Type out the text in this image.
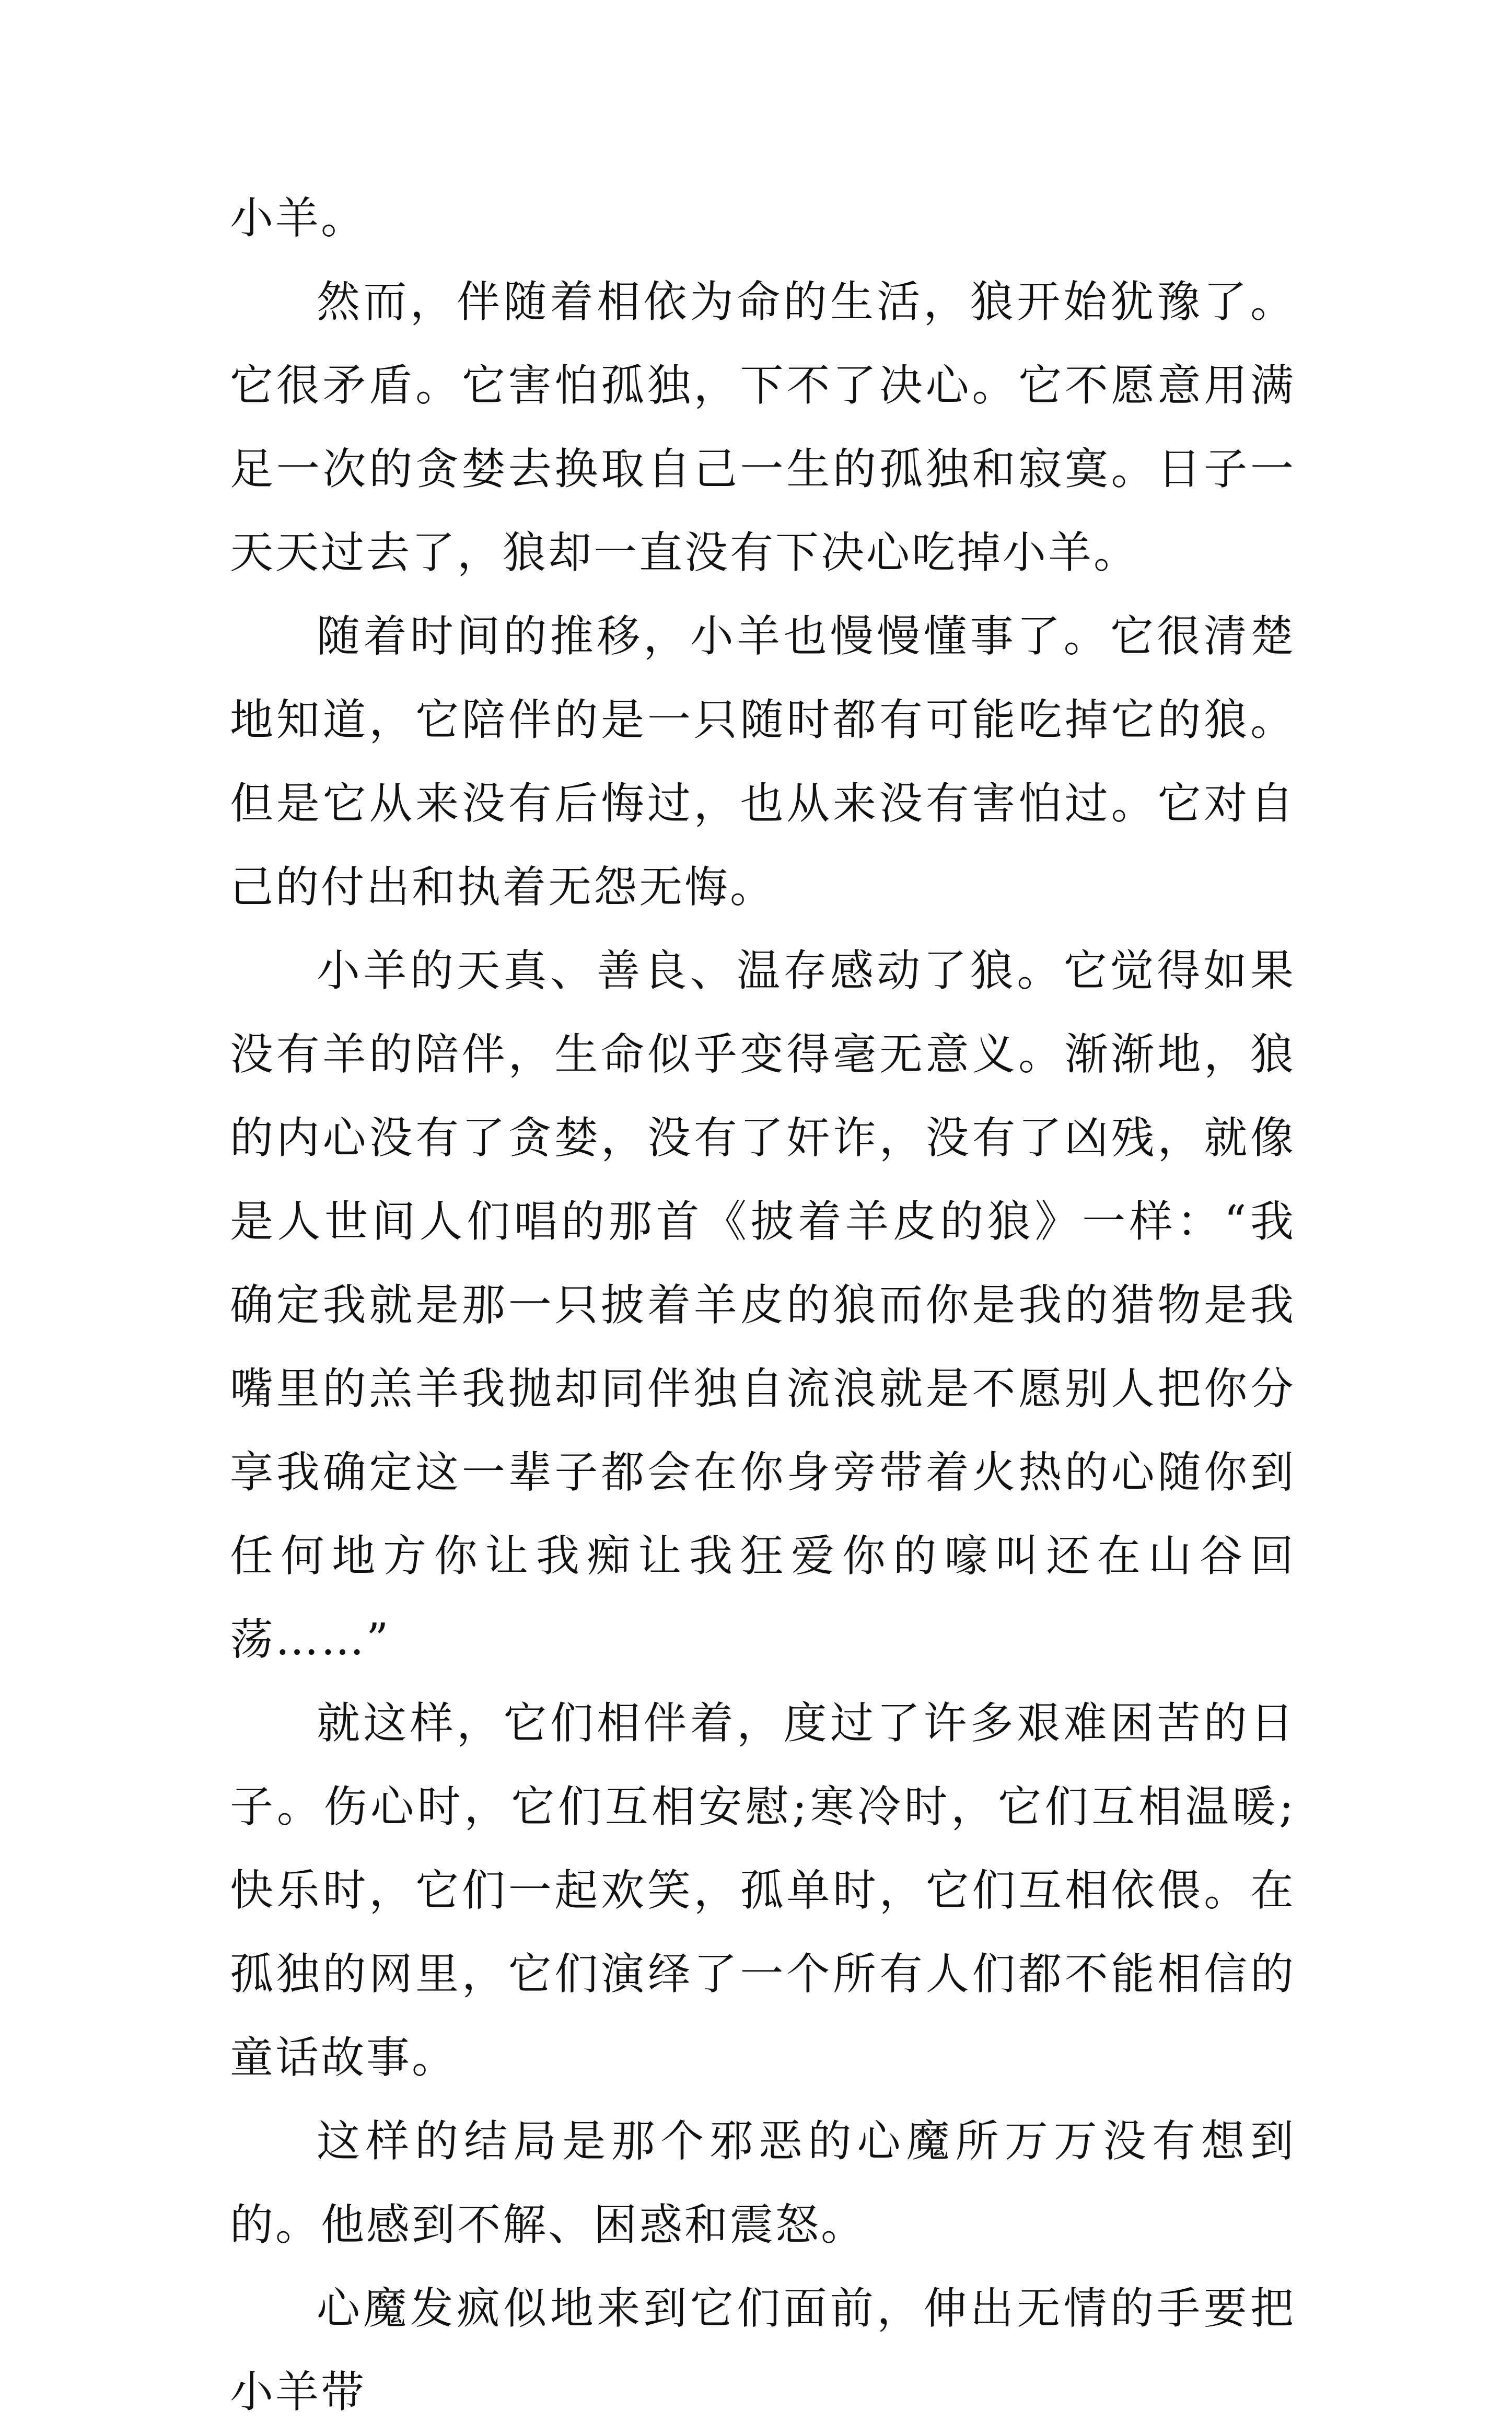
小羊。

然而，伴随着相依为命的生活，狼开始犹豫了。它很矛盾。它害怕孤独，下不了决心。它不愿意用满足一次的贪婪去换取自己一生的孤独和寂寞。日子一天天过去了，狼却一直没有下决心吃掉小羊。

随着时间的推移，小羊也慢慢懂事了。它很清楚地知道，它陪伴的是一只随时都有可能吃掉它的狼。但是它从来没有后悔过，也从来没有害怕过。它对自己的付出和执着无怨无悔。

小羊的天真、善良、温存感动了狼。它觉得如果没有羊的陪伴，生命似乎变得毫无意义。渐渐地，狼的内心没有了贪婪，没有了奸诈，没有了凶残，就像是人世间人们唱的那首《披着羊皮的狼》一样：“我确定我就是那一只披着羊皮的狼而你是我的猎物是我嘴里的羔羊我抛却同伴独自流浪就是不愿别人把你分享我确定这一辈子都会在你身旁带着火热的心随你到任何地方你让我痴让我狂爱你的嚎叫还在山谷回荡……”

就这样，它们相伴着，度过了许多艰难困苦的日子。伤心时，它们互相安慰;寒冷时，它们互相温暖;快乐时，它们一起欢笑，孤单时，它们互相依偎。在孤独的网里，它们演绎了一个所有人们都不能相信的童话故事。

这样的结局是那个邪恶的心魔所万万没有想到的。他感到不解、困惑和震怒。

心魔发疯似地来到它们面前，伸出无情的手要把小羊带
